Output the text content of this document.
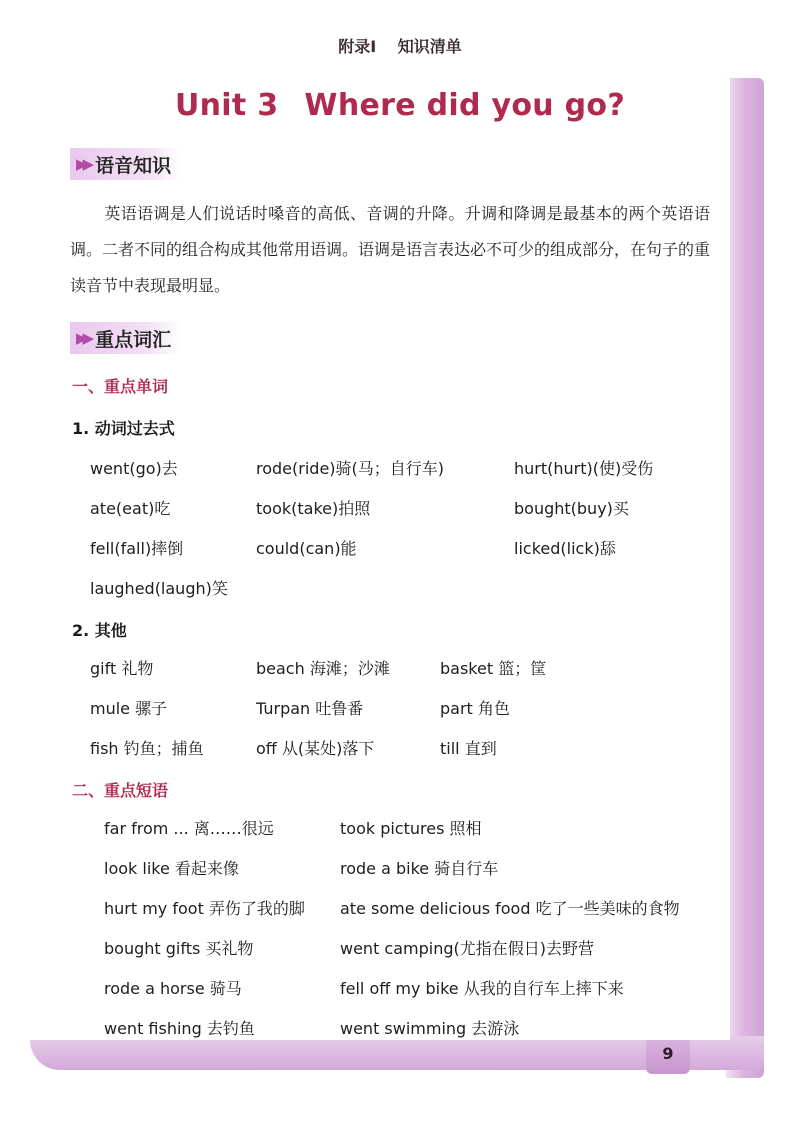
附录Ⅰ 知识清单
Unit 3 Where did you go?
▶▶ 语音知识
英语语调是人们说话时嗓音的高低、音调的升降。升调和降调是最基本的两个英语语调。二者不同的组合构成其他常用语调。语调是语言表达必不可少的组成部分，在句子的重读音节中表现最明显。
▶▶ 重点词汇
一、重点单词
1. 动词过去式
went(go)去	rode(ride)骑(马；自行车)	hurt(hurt)(使)受伤
ate(eat)吃	took(take)拍照	bought(buy)买
fell(fall)摔倒	could(can)能	licked(lick)舔
laughed(laugh)笑
2. 其他
gift 礼物	beach 海滩；沙滩	basket 篮；筐
mule 骡子	Turpan 吐鲁番	part 角色
fish 钓鱼；捕鱼	off 从(某处)落下	till 直到
二、重点短语
far from ... 离……很远	took pictures 照相
look like 看起来像	rode a bike 骑自行车
hurt my foot 弄伤了我的脚 ate some delicious food 吃了一些美味的食物
bought gifts 买礼物	went camping(尤指在假日)去野营
rode a horse 骑马	fell off my bike 从我的自行车上摔下来
went fishing 去钓鱼	went swimming 去游泳
9
